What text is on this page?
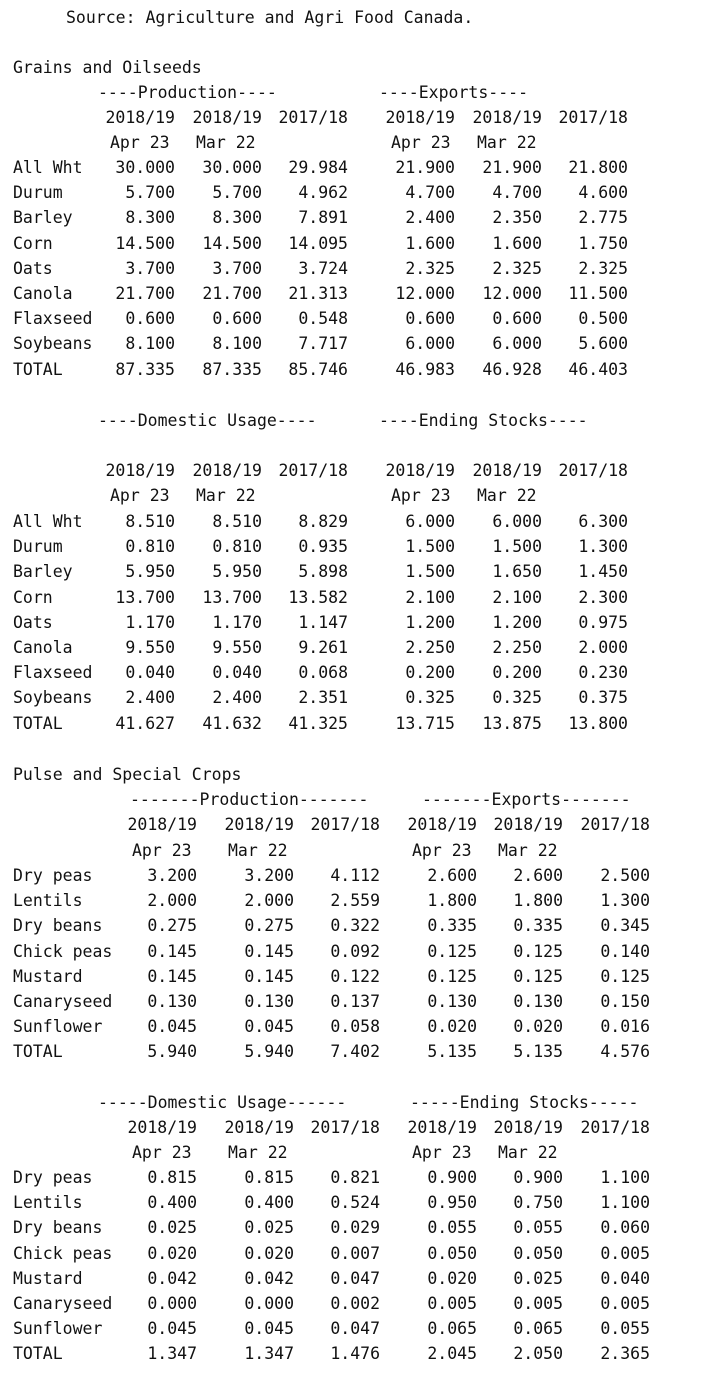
Source: Agriculture and Agri Food Canada.
Grains and Oilseeds
----Production----	----Exports----
2018/19 2018/19 2017/18 2018/19 2018/19 2017/18
Apr 23 Mar 22	Apr 23 Mar 22
All Wht 30.000 30.000 29.984	21.900 21.900 21.800
Durum	5.700 5.700 4.962	4.700 4.700 4.600
Barley	8.300 8.300 7.891	2.400 2.350 2.775
Corn	14.500 14.500 14.095	1.600 1.600 1.750
Oats	3.700 3.700 3.724	2.325 2.325 2.325
Canola	21.700 21.700 21.313	12.000 12.000 11.500
Flaxseed 0.600 0.600 0.548	0.600 0.600 0.500
Soybeans 8.100 8.100 7.717	6.000 6.000 5.600
TOTAL	87.335 87.335 85.746	46.983 46.928 46.403
----Domestic Usage----	----Ending Stocks----
2018/19 2018/19 2017/18 2018/19 2018/19 2017/18
Apr 23 Mar 22	Apr 23 Mar 22
All Wht	8.510 8.510 8.829	6.000 6.000 6.300
Durum	0.810 0.810 0.935	1.500 1.500 1.300
Barley	5.950 5.950 5.898	1.500 1.650 1.450
Corn	13.700 13.700 13.582	2.100 2.100 2.300
Oats	1.170 1.170 1.147	1.200 1.200 0.975
Canola	9.550 9.550 9.261	2.250 2.250 2.000
Flaxseed 0.040 0.040 0.068	0.200 0.200 0.230
Soybeans 2.400 2.400 2.351	0.325 0.325 0.375
TOTAL	41.627 41.632 41.325	13.715 13.875 13.800
Pulse and Special Crops
-------Production-------	-------Exports-------
2018/19 2018/19 2017/18 2018/19 2018/19 2017/18
Apr 23 Mar 22	Apr 23 Mar 22
Dry peas	3.200	3.200 4.112	2.600 2.600 2.500
Lentils	2.000	2.000 2.559	1.800 1.800 1.300
Dry beans	0.275	0.275 0.322	0.335 0.335 0.345
Chick peas 0.145	0.145 0.092	0.125 0.125 0.140
Mustard	0.145	0.145 0.122	0.125 0.125 0.125
Canaryseed 0.130	0.130 0.137	0.130 0.130 0.150
Sunflower	0.045	0.045 0.058	0.020 0.020 0.016
TOTAL	5.940	5.940 7.402	5.135 5.135 4.576
-----Domestic Usage------	-----Ending Stocks-----
2018/19 2018/19 2017/18 2018/19 2018/19 2017/18
Apr 23 Mar 22	Apr 23 Mar 22
Dry peas	0.815	0.815 0.821	0.900 0.900 1.100
Lentils	0.400	0.400 0.524	0.950 0.750 1.100
Dry beans	0.025	0.025 0.029	0.055 0.055 0.060
Chick peas 0.020	0.020 0.007	0.050 0.050 0.005
Mustard	0.042	0.042 0.047	0.020 0.025 0.040
Canaryseed 0.000	0.000 0.002	0.005 0.005 0.005
Sunflower	0.045	0.045 0.047	0.065 0.065 0.055
TOTAL	1.347	1.347 1.476	2.045 2.050 2.365
